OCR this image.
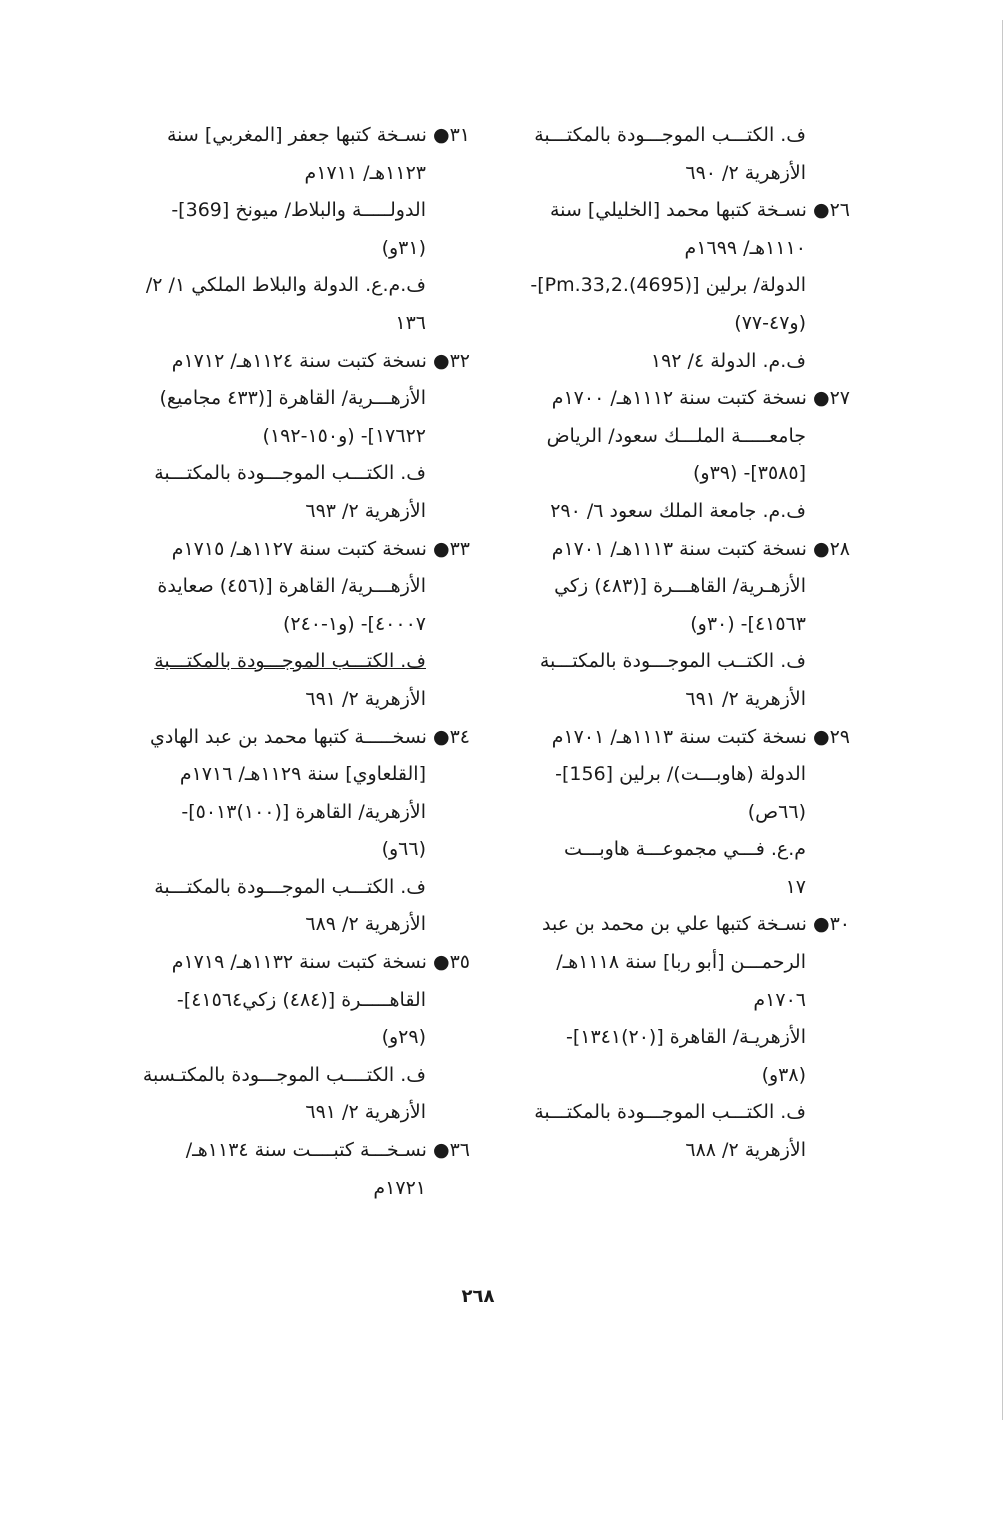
ف. الكتـــب الموجـــودة بالمكتـــبة
الأزهرية ٢/ ٦٩٠
٢٦● نسـخة كتبها محمد [الخليلي] سنة
١١١٠هـ/ ١٦٩٩م
الدولة/ برلين [Pm.33,2.(4695)]-
(و٤٧-٧٧)
ف.م. الدولة ٤/ ١٩٢
٢٧● نسخة كتبت سنة ١١١٢هـ/ ١٧٠٠م
جامعـــــة الملـــك سعود/ الرياض
[٣٥٨٥]- (٣٩و)
ف.م. جامعة الملك سعود ٦/ ٢٩٠
٢٨● نسخة كتبت سنة ١١١٣هـ/ ١٧٠١م
الأزهـرية/ القاهـــرة [(٤٨٣) زكي
٤١٥٦٣]- (٣٠و)
ف. الكتــب الموجـــودة بالمكتـــبة
الأزهرية ٢/ ٦٩١
٢٩● نسخة كتبت سنة ١١١٣هـ/ ١٧٠١م
الدولة (هاوبـــت)/ برلين [156]-
(٦٦ص)
م.ع. فـــي مجموعـــة هاوبـــت
١٧
٣٠● نسـخة كتبها علي بن محمد بن عبد
الرحمـــن [أبو ربا] سنة ١١١٨هـ/
١٧٠٦م
الأزهريـة/ القاهرة [(٢٠)١٣٤١]-
(٣٨و)
ف. الكتـــب الموجـــودة بالمكتـــبة
الأزهرية ٢/ ٦٨٨
٣١● نسـخة كتبها جعفر [المغربي] سنة
١١٢٣هـ/ ١٧١١م
الدولـــــة والبلاط/ ميونخ [369]-
(٣١و)
ف.م.ع. الدولة والبلاط الملكي ١/ ٢/
١٣٦
٣٢● نسخة كتبت سنة ١١٢٤هـ/ ١٧١٢م
الأزهـــرية/ القاهرة [(٤٣٣ مجاميع)
١٧٦٢٢]- (و١٥٠-١٩٢)
ف. الكتـــب الموجـــودة بالمكتـــبة
الأزهرية ٢/ ٦٩٣
٣٣● نسخة كتبت سنة ١١٢٧هـ/ ١٧١٥م
الأزهـــرية/ القاهرة [(٤٥٦) صعايدة
٤٠٠٠٧]- (و١-٢٤٠)
ف. الكتـــب الموجـــودة بالمكتـــبة
الأزهرية ٢/ ٦٩١
٣٤● نسخـــــة كتبها محمد بن عبد الهادي
[القلعاوي] سنة ١١٢٩هـ/ ١٧١٦م
الأزهرية/ القاهرة [(١٠٠)٥٠١٣]-
(٦٦و)
ف. الكتـــب الموجـــودة بالمكتـــبة
الأزهرية ٢/ ٦٨٩
٣٥● نسخة كتبت سنة ١١٣٢هـ/ ١٧١٩م
القاهـــــرة [(٤٨٤) زكي٤١٥٦٤]-
(٢٩و)
ف. الكتــــب الموجـــودة بالمكتـسبة
الأزهرية ٢/ ٦٩١
٣٦● نسـخـــة كتبــــت سنة ١١٣٤هـ/
١٧٢١م
٢٦٨
